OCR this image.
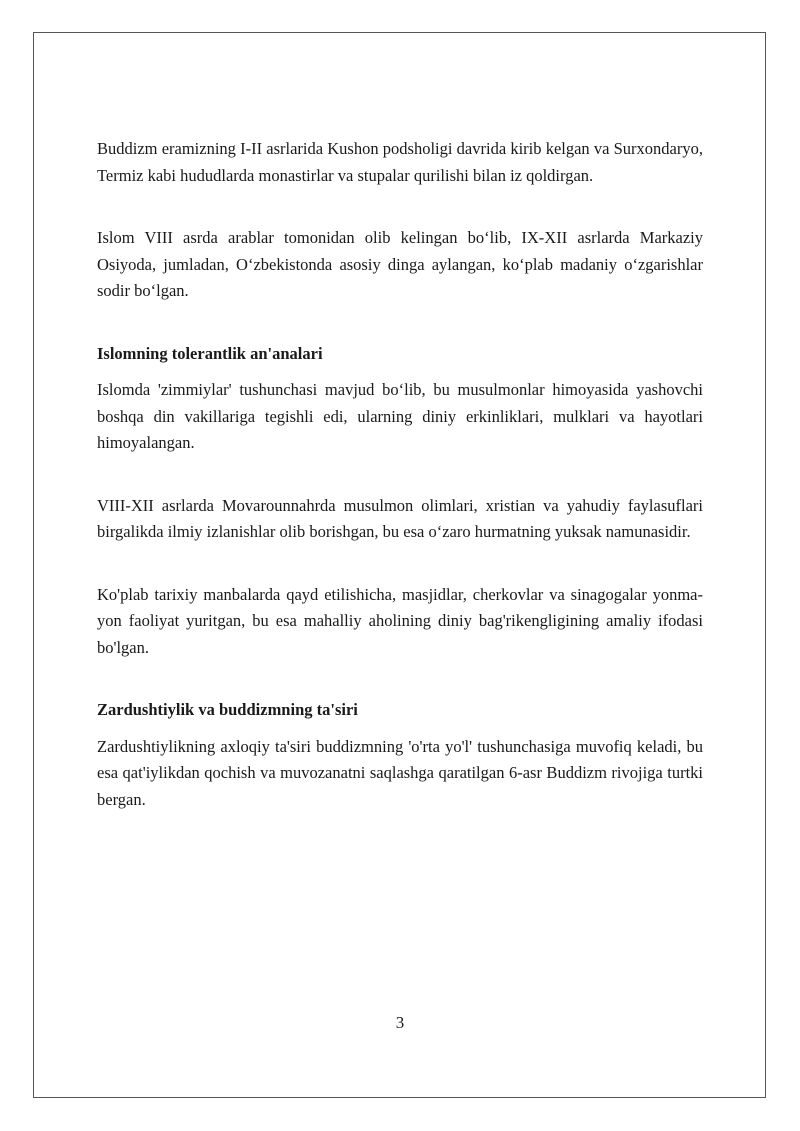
Buddizm eramizning I-II asrlarida Kushon podsholigi davrida kirib kelgan va Surxondaryo, Termiz kabi hududlarda monastirlar va stupalar qurilishi bilan iz qoldirgan.

Islom VIII asrda arablar tomonidan olib kelingan bo‘lib, IX-XII asrlarda Markaziy Osiyoda, jumladan, O‘zbekistonda asosiy dinga aylangan, ko‘plab madaniy o‘zgarishlar sodir bo‘lgan.

Islomning tolerantlik an'analari

Islomda 'zimmiylar' tushunchasi mavjud bo‘lib, bu musulmonlar himoyasida yashovchi boshqa din vakillariga tegishli edi, ularning diniy erkinliklari, mulklari va hayotlari himoyalangan.

VIII-XII asrlarda Movarounnahrda musulmon olimlari, xristian va yahudiy faylasuflari birgalikda ilmiy izlanishlar olib borishgan, bu esa o‘zaro hurmatning yuksak namunasidir.

Ko'plab tarixiy manbalarda qayd etilishicha, masjidlar, cherkovlar va sinagogalar yonma-yon faoliyat yuritgan, bu esa mahalliy aholining diniy bag'rikengligining amaliy ifodasi bo'lgan.

Zardushtiylik va buddizmning ta'siri

Zardushtiylikning axloqiy ta'siri buddizmning 'o'rta yo'l' tushunchasiga muvofiq keladi, bu esa qat'iylikdan qochish va muvozanatni saqlashga qaratilgan 6-asr Buddizm rivojiga turtki bergan.

3
